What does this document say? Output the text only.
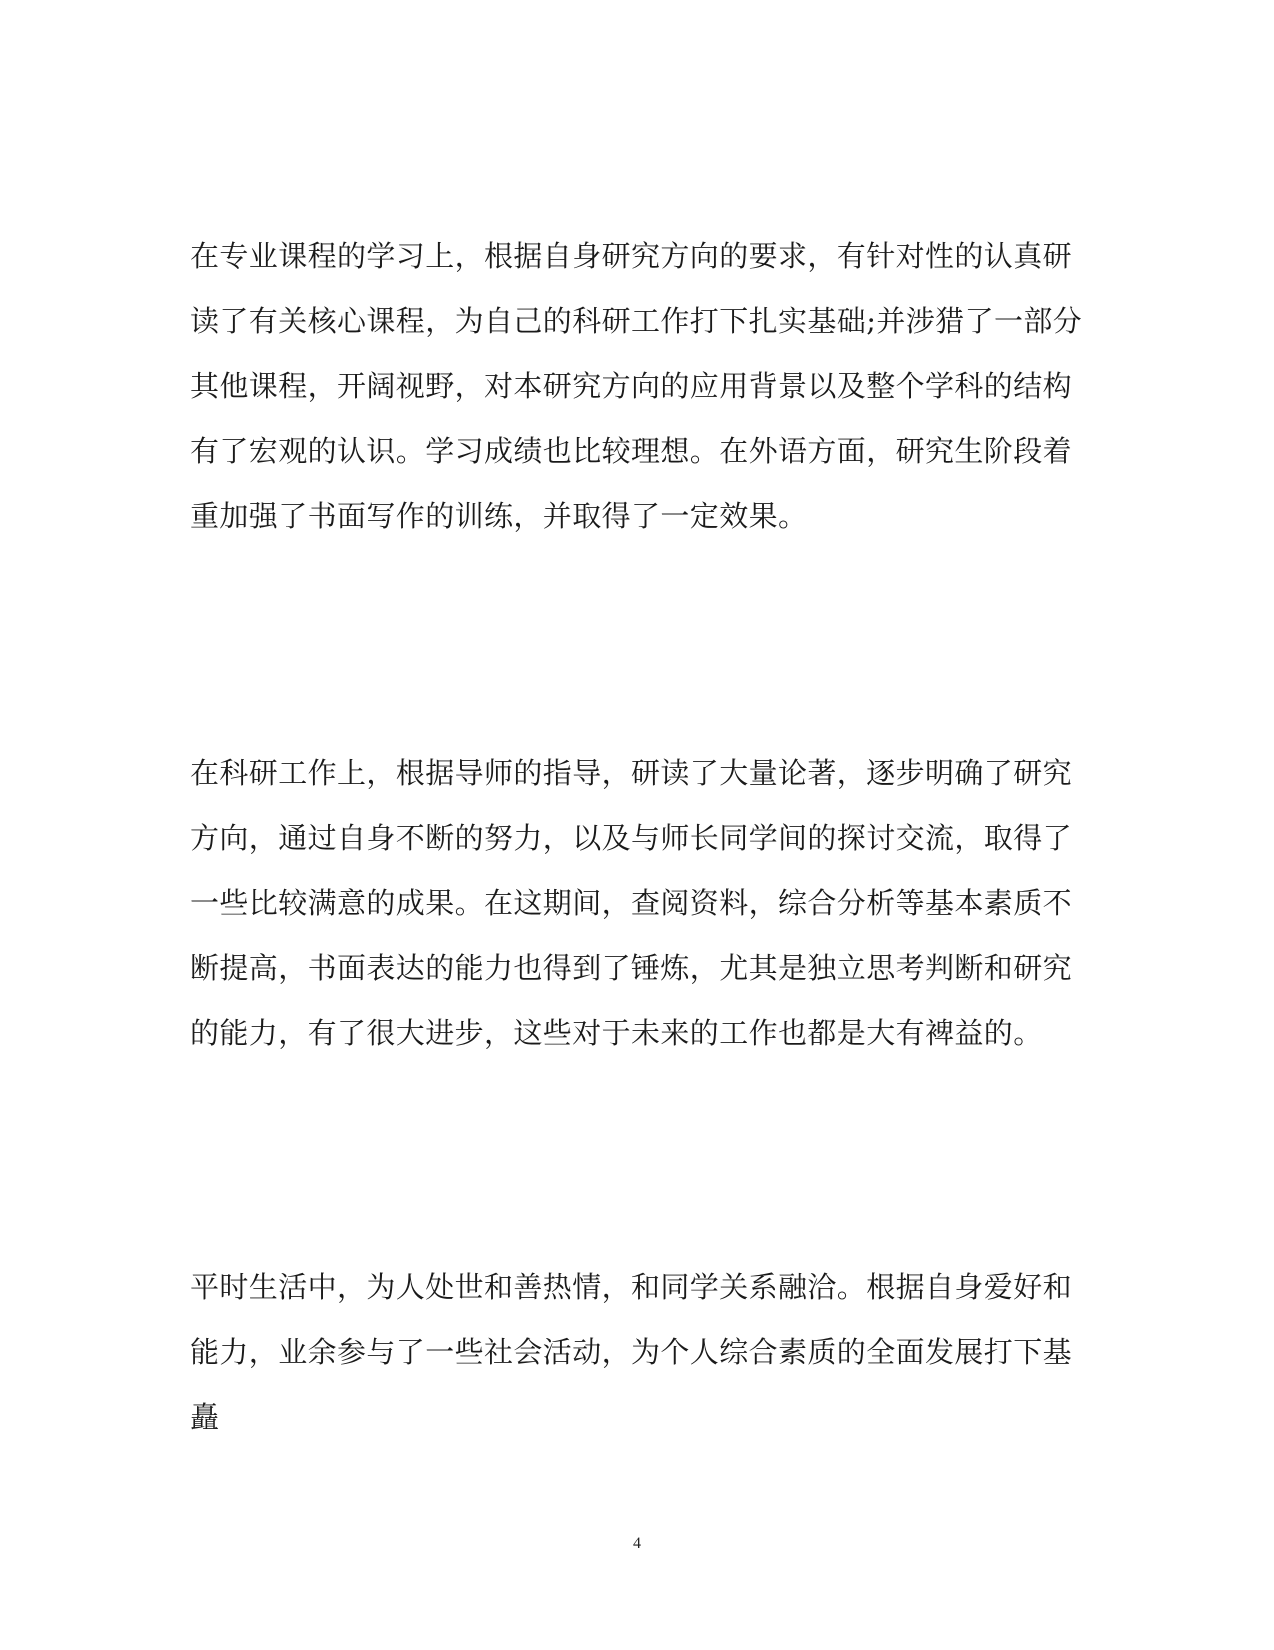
在专业课程的学习上，根据自身研究方向的要求，有针对性的认真研
读了有关核心课程，为自己的科研工作打下扎实基础;并涉猎了一部分
其他课程，开阔视野，对本研究方向的应用背景以及整个学科的结构
有了宏观的认识。学习成绩也比较理想。在外语方面，研究生阶段着
重加强了书面写作的训练，并取得了一定效果。
在科研工作上，根据导师的指导，研读了大量论著，逐步明确了研究
方向，通过自身不断的努力，以及与师长同学间的探讨交流，取得了
一些比较满意的成果。在这期间，查阅资料，综合分析等基本素质不
断提高，书面表达的能力也得到了锤炼，尤其是独立思考判断和研究
的能力，有了很大进步，这些对于未来的工作也都是大有裨益的。
平时生活中，为人处世和善热情，和同学关系融洽。根据自身爱好和
能力，业余参与了一些社会活动，为个人综合素质的全面发展打下基
矗
4
